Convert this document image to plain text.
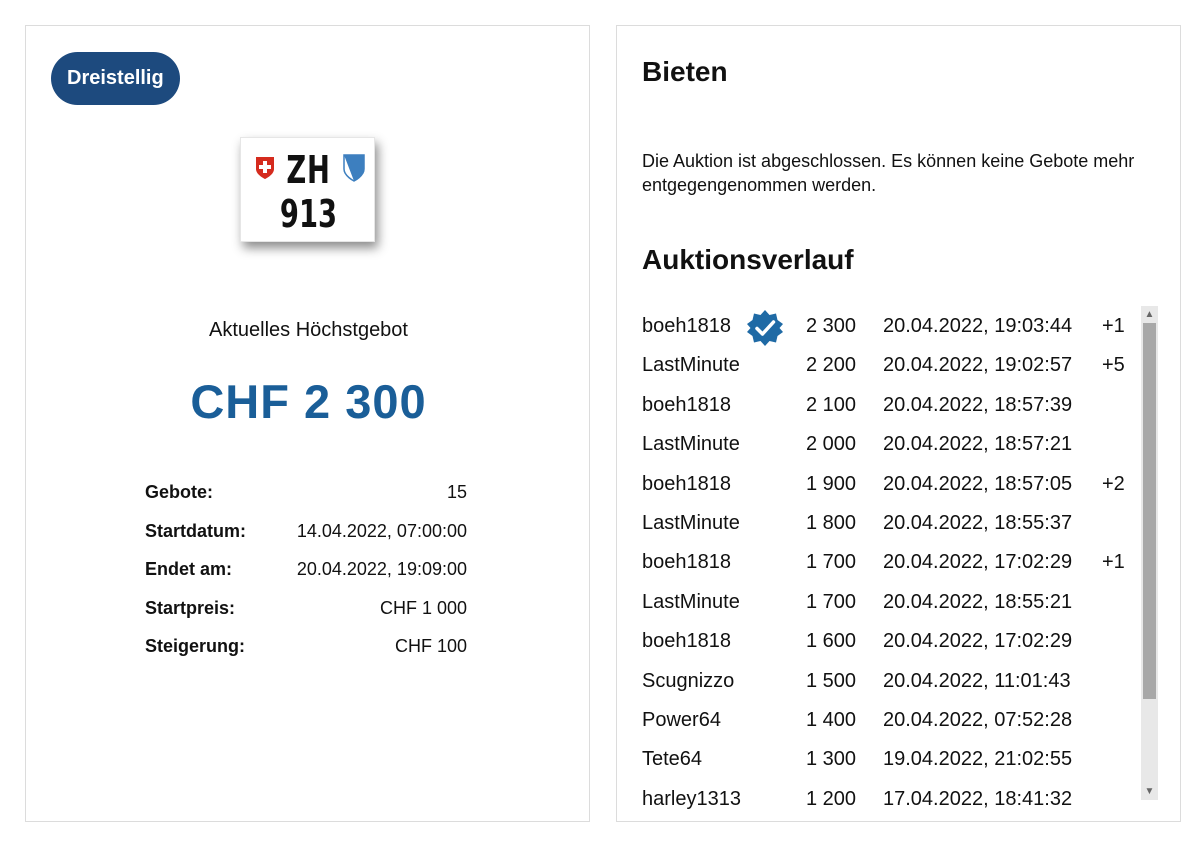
Dreistellig
ZH
913
Aktuelles Höchstgebot
CHF 2 300
Gebote:	15
Startdatum:	14.04.2022, 07:00:00
Endet am:	20.04.2022, 19:09:00
Startpreis:	CHF 1 000
Steigerung:	CHF 100
Bieten
Die Auktion ist abgeschlossen. Es können keine Gebote mehr entgegengenommen werden.
Auktionsverlauf
boeh1818	2 300 20.04.2022, 19:03:44 +1
LastMinute	2 200 20.04.2022, 19:02:57 +5
boeh1818	2 100 20.04.2022, 18:57:39
LastMinute	2 000 20.04.2022, 18:57:21
boeh1818	1 900 20.04.2022, 18:57:05 +2
LastMinute	1 800 20.04.2022, 18:55:37
boeh1818	1 700 20.04.2022, 17:02:29 +1
LastMinute	1 700 20.04.2022, 18:55:21
boeh1818	1 600 20.04.2022, 17:02:29
Scugnizzo	1 500 20.04.2022, 11:01:43
Power64	1 400 20.04.2022, 07:52:28
Tete64	1 300 19.04.2022, 21:02:55
harley1313	1 200 17.04.2022, 18:41:32
▲
▼
